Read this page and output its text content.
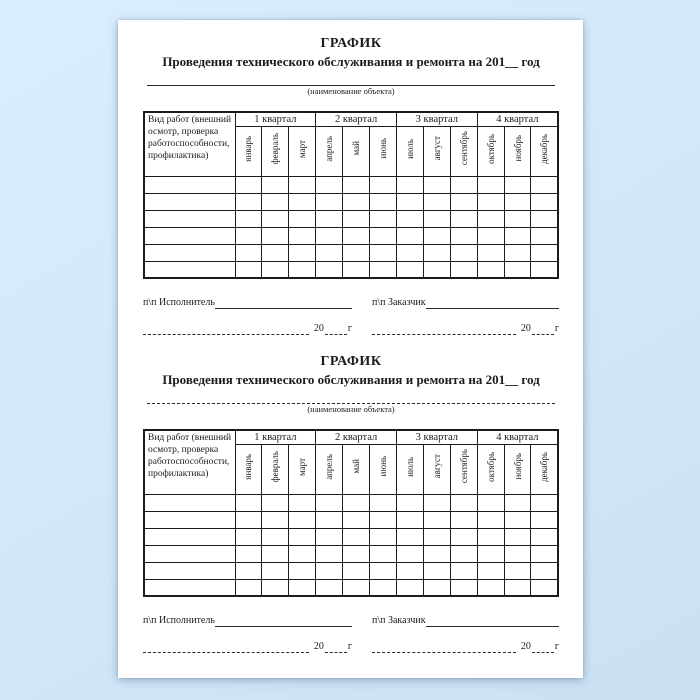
ГРАФИК
Проведения технического обслуживания и ремонта на 201__ год
(наименование объекта)
Вид работ (внешний осмотр, проверка работоспособности, профилактика)	1 квартал			2 квартал			3 квартал			4 квартал		
	январь	февраль	март	апрель	май	июнь	июль	август	сентябрь	октябрь	ноябрь	декабрь

п\п Исполнитель	п\п Заказчик
20 г	20 г
ГРАФИК
Проведения технического обслуживания и ремонта на 201__ год
(наименование объекта)
Вид работ (внешний осмотр, проверка работоспособности, профилактика)	1 квартал			2 квартал			3 квартал			4 квартал		
	январь	февраль	март	апрель	май	июнь	июль	август	сентябрь	октябрь	ноябрь	декабрь

п\п Исполнитель	п\п Заказчик
20 г	20 г
